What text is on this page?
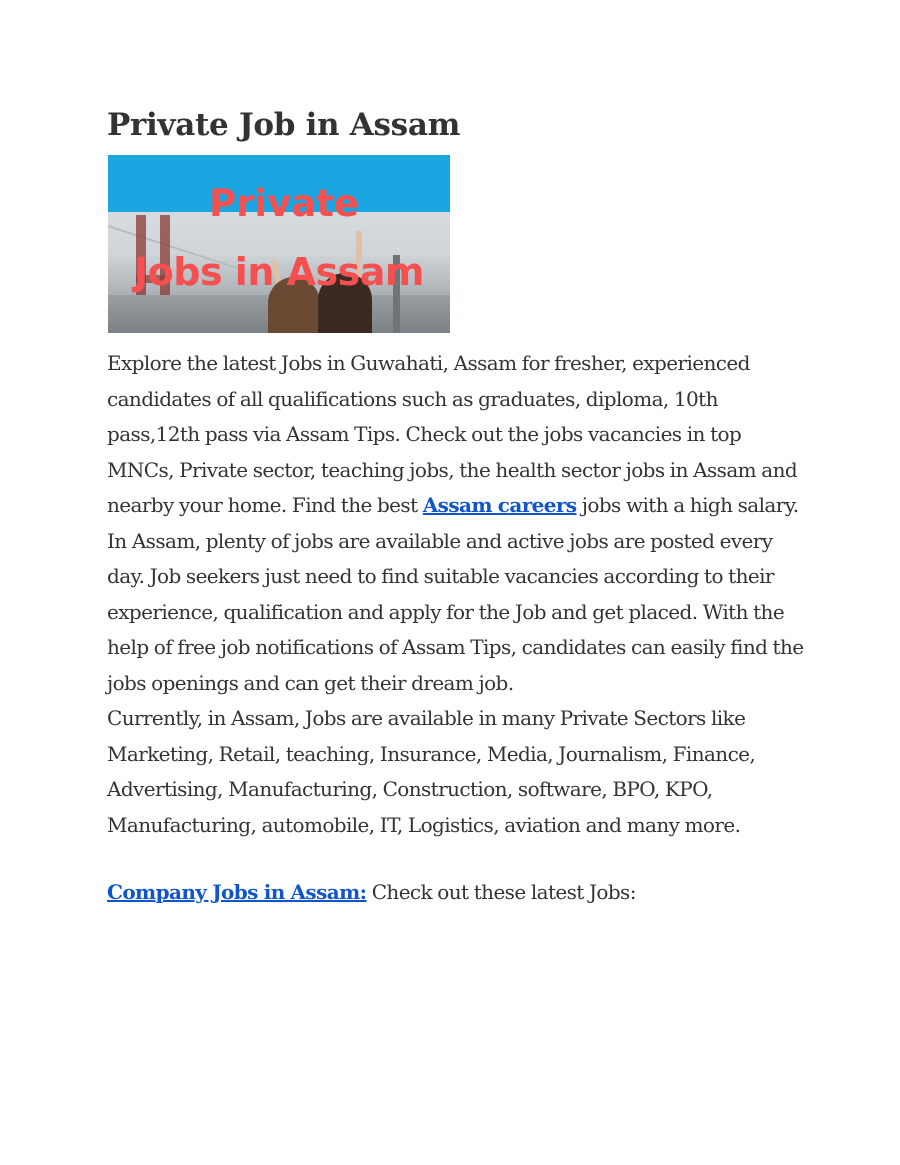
Private Job in Assam
Private
Jobs in Assam

Explore the latest Jobs in Guwahati, Assam for fresher, experienced candidates of all qualifications such as graduates, diploma, 10th pass,12th pass via Assam Tips. Check out the jobs vacancies in top MNCs, Private sector, teaching jobs, the health sector jobs in Assam and nearby your home. Find the best Assam careers jobs with a high salary.

In Assam, plenty of jobs are available and active jobs are posted every day. Job seekers just need to find suitable vacancies according to their experience, qualification and apply for the Job and get placed. With the help of free job notifications of Assam Tips, candidates can easily find the jobs openings and can get their dream job.

Currently, in Assam, Jobs are available in many Private Sectors like Marketing, Retail, teaching, Insurance, Media, Journalism, Finance, Advertising, Manufacturing, Construction, software, BPO, KPO, Manufacturing, automobile, IT, Logistics, aviation and many more.

Company Jobs in Assam: Check out these latest Jobs:
